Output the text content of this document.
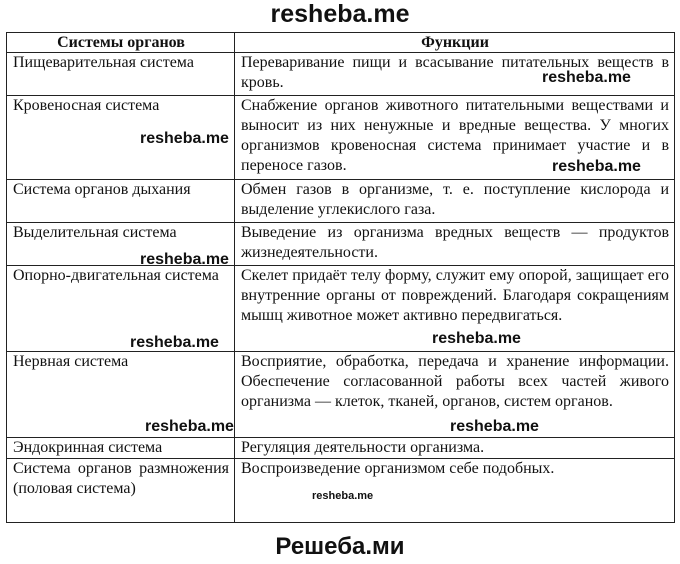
resheba.me
Системы органов	Функции
Пищеварительная система	Переваривание пищи и всасывание питательных веществ в кровь.
Кровеносная система	Снабжение органов животного питательными веществами и выносит из них ненужные и вредные вещества. У многих организмов кровеносная система принимает участие и в переносе газов.
Система органов дыхания	Обмен газов в организме, т. е. поступление кислорода и выделение углекислого газа.
Выделительная система	Выведение из организма вредных веществ — продуктов жизнедеятельности.
Опорно-двигательная система	Скелет придаёт телу форму, служит ему опорой, защищает его внутренние органы от повреждений. Благодаря сокращениям мышц животное может активно передвигаться.
Нервная система	Восприятие, обработка, передача и хранение информации. Обеспечение согласованной работы всех частей живого организма — клеток, тканей, органов, систем органов.
Эндокринная система	Регуляция деятельности организма.
Система органов размножения (половая система)	Воспроизведение организмом себе подобных.
resheba.me
resheba.me
resheba.me
resheba.me
resheba.me	resheba.me
resheba.me	resheba.me
resheba.me
Решеба.ми
